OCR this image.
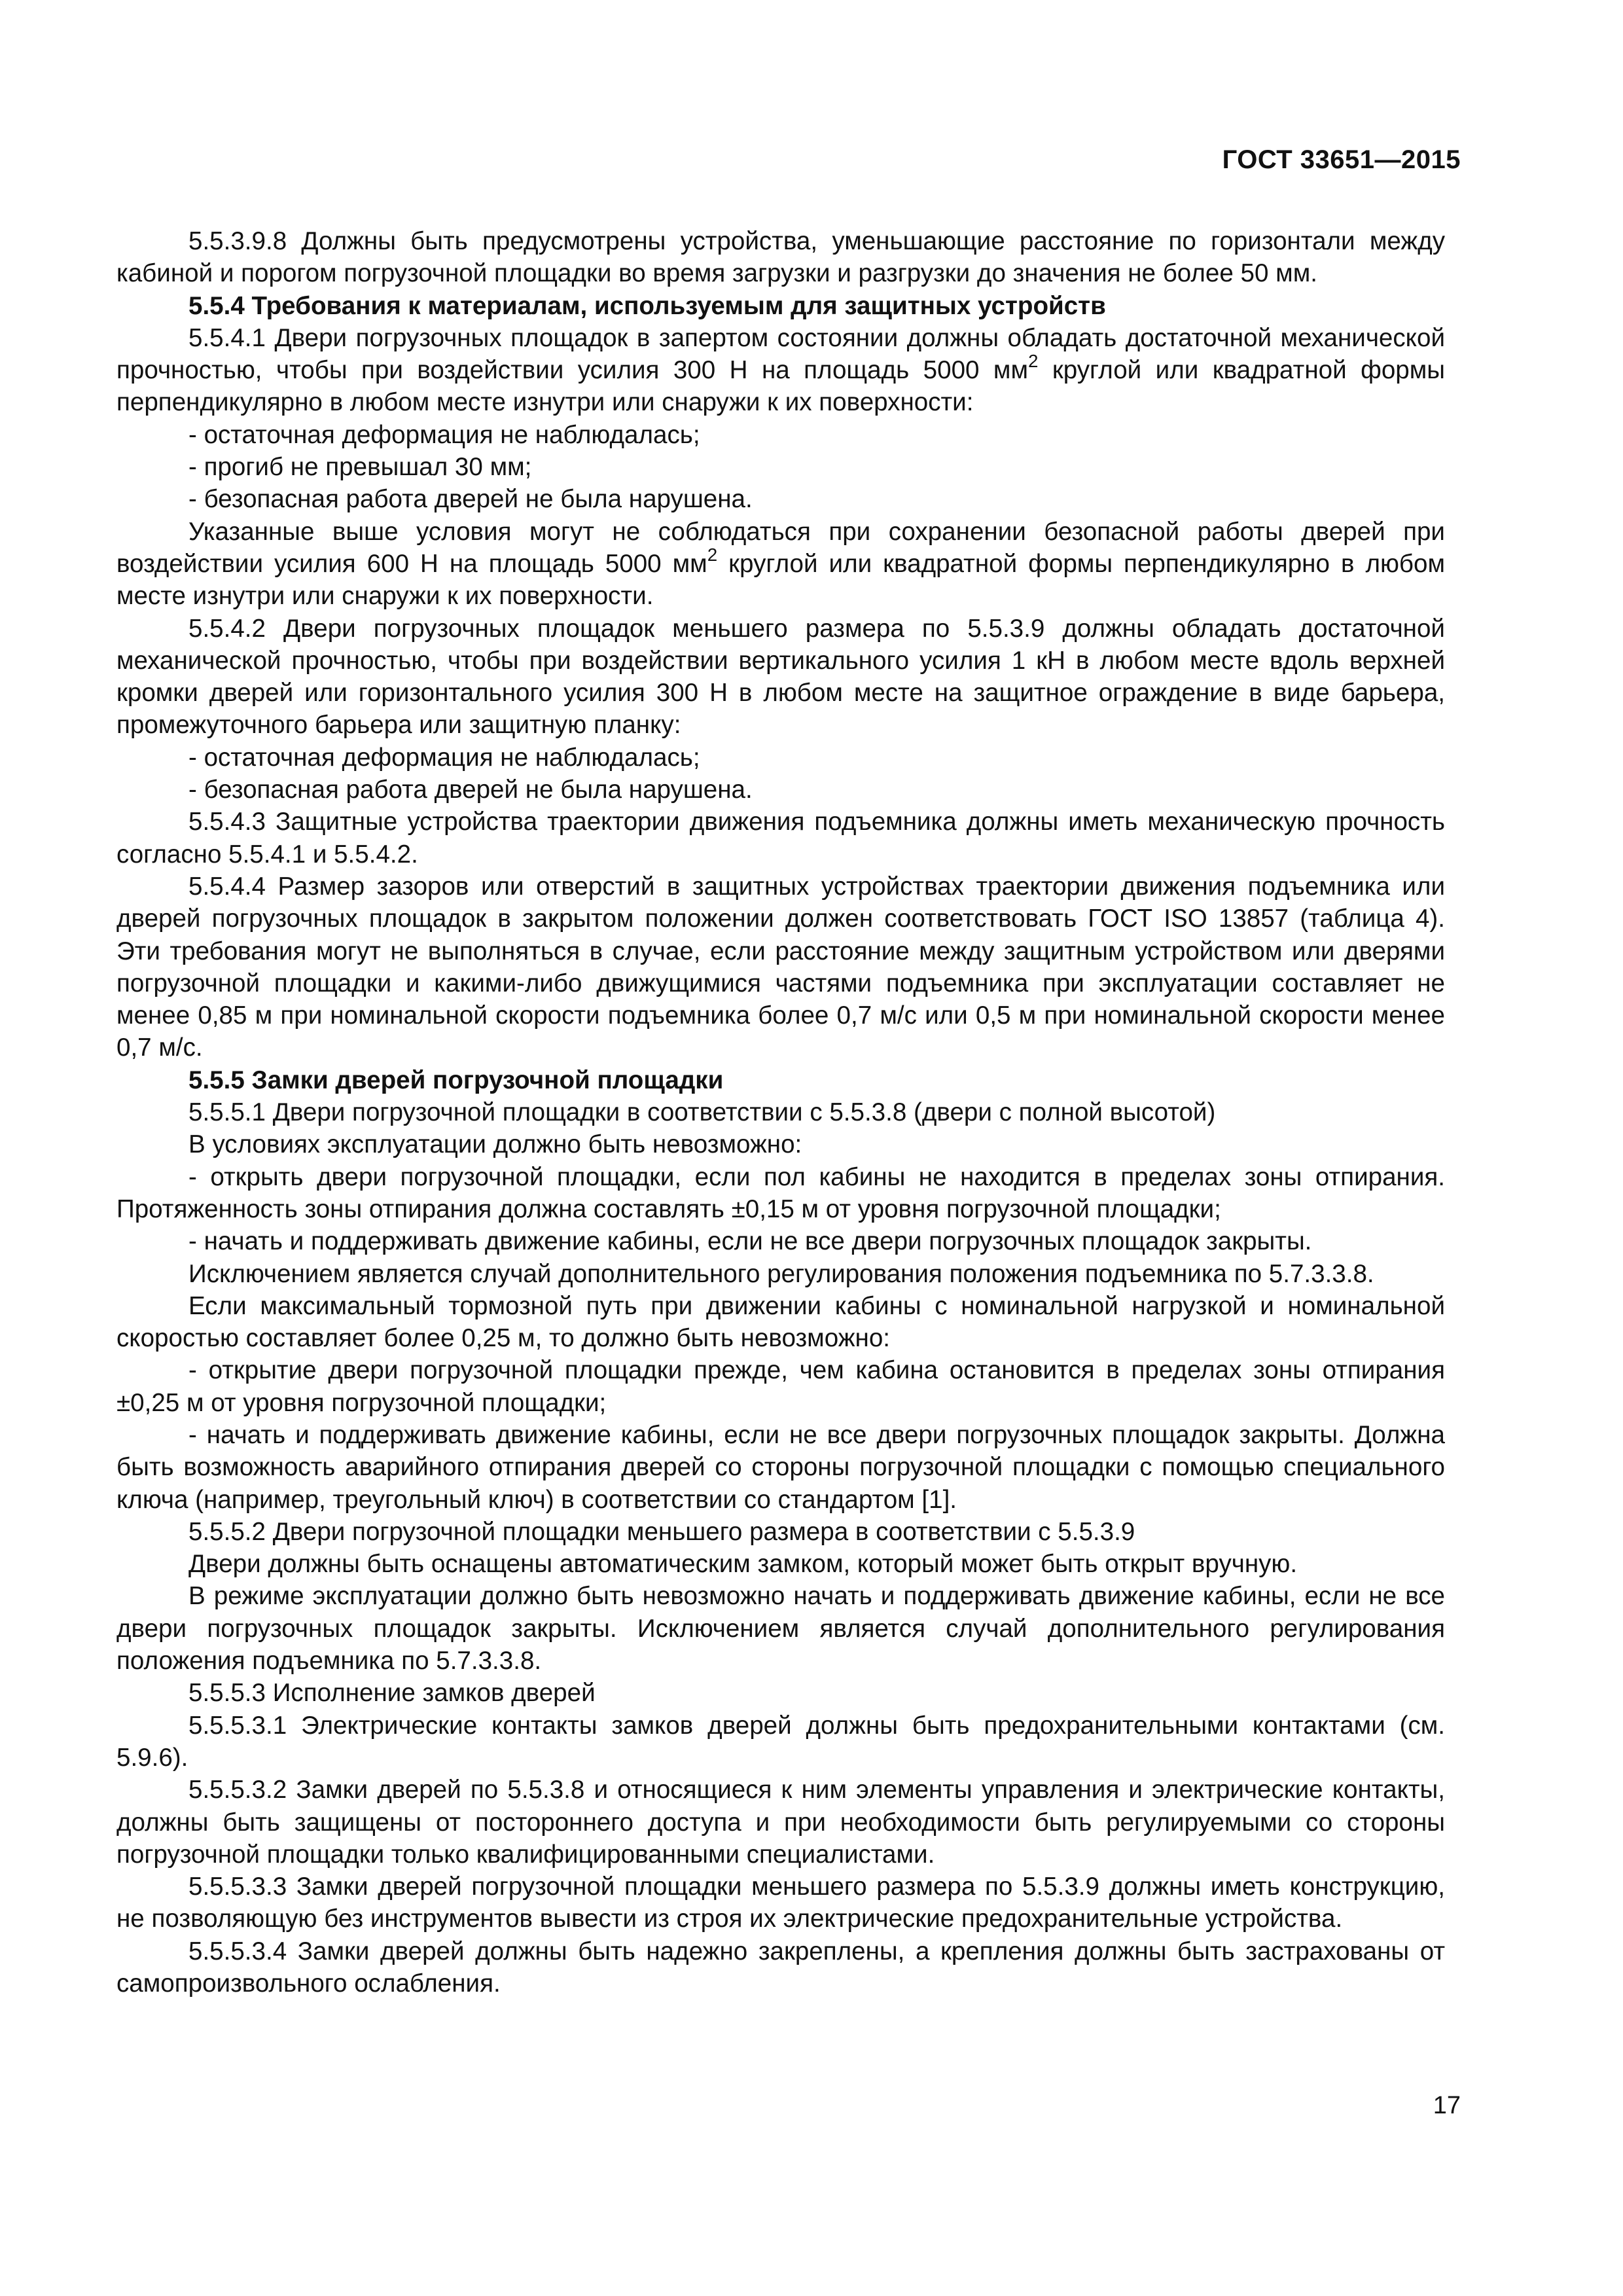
ГОСТ 33651—2015

5.5.3.9.8 Должны быть предусмотрены устройства, уменьшающие расстояние по горизонтали между кабиной и порогом погрузочной площадки во время загрузки и разгрузки до значения не более 50 мм.

5.5.4 Требования к материалам, используемым для защитных устройств

5.5.4.1 Двери погрузочных площадок в запертом состоянии должны обладать достаточной механической прочностью, чтобы при воздействии усилия 300 Н на площадь 5000 $мм^2$ круглой или квадратной формы перпендикулярно в любом месте изнутри или снаружи к их поверхности:

- остаточная деформация не наблюдалась;

- прогиб не превышал 30 мм;

- безопасная работа дверей не была нарушена.

Указанные выше условия могут не соблюдаться при сохранении безопасной работы дверей при воздействии усилия 600 Н на площадь 5000 $мм^2$ круглой или квадратной формы перпендикулярно в любом месте изнутри или снаружи к их поверхности.

5.5.4.2 Двери погрузочных площадок меньшего размера по 5.5.3.9 должны обладать достаточной механической прочностью, чтобы при воздействии вертикального усилия 1 кН в любом месте вдоль верхней кромки дверей или горизонтального усилия 300 Н в любом месте на защитное ограждение в виде барьера, промежуточного барьера или защитную планку:

- остаточная деформация не наблюдалась;

- безопасная работа дверей не была нарушена.

5.5.4.3 Защитные устройства траектории движения подъемника должны иметь механическую прочность согласно 5.5.4.1 и 5.5.4.2.

5.5.4.4 Размер зазоров или отверстий в защитных устройствах траектории движения подъемника или дверей погрузочных площадок в закрытом положении должен соответствовать ГОСТ ISO 13857 (таблица 4). Эти требования могут не выполняться в случае, если расстояние между защитным устройством или дверями погрузочной площадки и какими-либо движущимися частями подъемника при эксплуатации составляет не менее 0,85 м при номинальной скорости подъемника более 0,7 м/с или 0,5 м при номинальной скорости менее 0,7 м/с.

5.5.5 Замки дверей погрузочной площадки

5.5.5.1 Двери погрузочной площадки в соответствии с 5.5.3.8 (двери с полной высотой)

В условиях эксплуатации должно быть невозможно:

- открыть двери погрузочной площадки, если пол кабины не находится в пределах зоны отпирания. Протяженность зоны отпирания должна составлять ±0,15 м от уровня погрузочной площадки;

- начать и поддерживать движение кабины, если не все двери погрузочных площадок закрыты.

Исключением является случай дополнительного регулирования положения подъемника по 5.7.3.3.8.

Если максимальный тормозной путь при движении кабины с номинальной нагрузкой и номинальной скоростью составляет более 0,25 м, то должно быть невозможно:

- открытие двери погрузочной площадки прежде, чем кабина остановится в пределах зоны отпирания ±0,25 м от уровня погрузочной площадки;

- начать и поддерживать движение кабины, если не все двери погрузочных площадок закрыты. Должна быть возможность аварийного отпирания дверей со стороны погрузочной площадки с помощью специального ключа (например, треугольный ключ) в соответствии со стандартом [1].

5.5.5.2 Двери погрузочной площадки меньшего размера в соответствии с 5.5.3.9

Двери должны быть оснащены автоматическим замком, который может быть открыт вручную.

В режиме эксплуатации должно быть невозможно начать и поддерживать движение кабины, если не все двери погрузочных площадок закрыты. Исключением является случай дополнительного регулирования положения подъемника по 5.7.3.3.8.

5.5.5.3 Исполнение замков дверей

5.5.5.3.1 Электрические контакты замков дверей должны быть предохранительными контактами (см. 5.9.6).

5.5.5.3.2 Замки дверей по 5.5.3.8 и относящиеся к ним элементы управления и электрические контакты, должны быть защищены от постороннего доступа и при необходимости быть регулируемыми со стороны погрузочной площадки только квалифицированными специалистами.

5.5.5.3.3 Замки дверей погрузочной площадки меньшего размера по 5.5.3.9 должны иметь конструкцию, не позволяющую без инструментов вывести из строя их электрические предохранительные устройства.

5.5.5.3.4 Замки дверей должны быть надежно закреплены, а крепления должны быть застрахованы от самопроизвольного ослабления.

17
